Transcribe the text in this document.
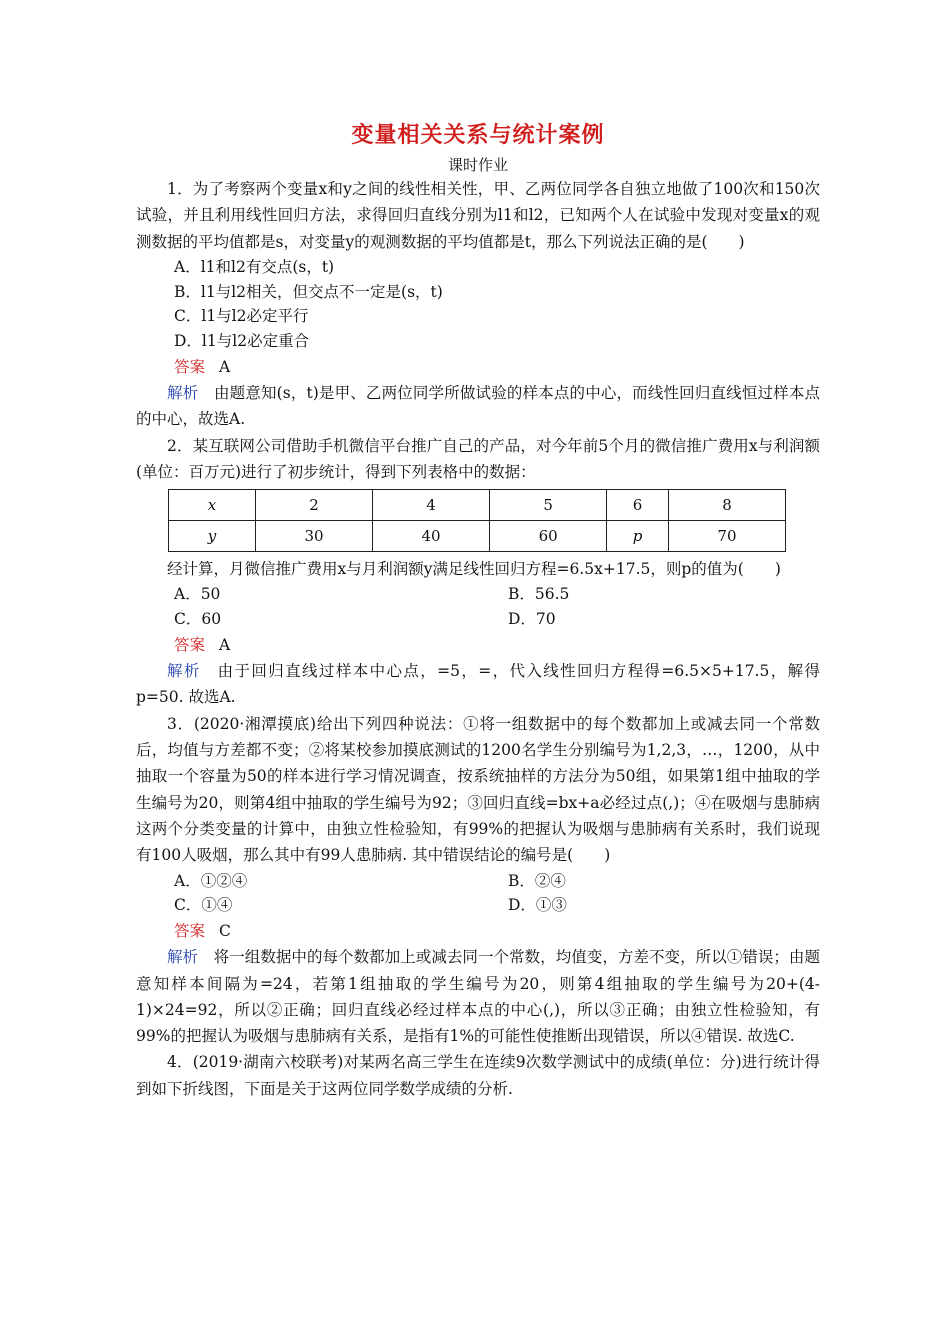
变量相关关系与统计案例
课时作业

1．为了考察两个变量x和y之间的线性相关性，甲、乙两位同学各自独立地做了100次和150次试验，并且利用线性回归方法，求得回归直线分别为l1和l2，已知两个人在试验中发现对变量x的观测数据的平均值都是s，对变量y的观测数据的平均值都是t，那么下列说法正确的是(　　)

A．l1和l2有交点(s，t)

B．l1与l2相关，但交点不一定是(s，t)

C．l1与l2必定平行

D．l1与l2必定重合

答案 A

解析　 由题意知(s，t)是甲、乙两位同学所做试验的样本点的中心，而线性回归直线恒过样本点的中心，故选A.

2．某互联网公司借助手机微信平台推广自己的产品，对今年前5个月的微信推广费用x与利润额(单位：百万元)进行了初步统计，得到下列表格中的数据：

x	2	4	5	6	8
y	30	40	60	p	70

经计算，月微信推广费用x与月利润额y满足线性回归方程=6.5x+17.5，则p的值为(　　)

A．50	B．56.5
C．60	D．70

答案 A

解析　 由于回归直线过样本中心点，=5，=，代入线性回归方程得=6.5×5+17.5，解得p=50. 故选A.

3．(2020·湘潭摸底)给出下列四种说法：①将一组数据中的每个数都加上或减去同一个常数后，均值与方差都不变；②将某校参加摸底测试的1200名学生分别编号为1,2,3，…，1200，从中抽取一个容量为50的样本进行学习情况调查，按系统抽样的方法分为50组，如果第1组中抽取的学生编号为20，则第4组中抽取的学生编号为92；③回归直线=bx+a必经过点(,)；④在吸烟与患肺病这两个分类变量的计算中，由独立性检验知，有99%的把握认为吸烟与患肺病有关系时，我们说现有100人吸烟，那么其中有99人患肺病. 其中错误结论的编号是(　　)

A．①②④	B．②④
C．①④	D．①③

答案 C

解析　 将一组数据中的每个数都加上或减去同一个常数，均值变，方差不变，所以①错误；由题意知样本间隔为=24，若第1组抽取的学生编号为20，则第4组抽取的学生编号为20+(4-1)×24=92，所以②正确；回归直线必经过样本点的中心(,)，所以③正确；由独立性检验知，有99%的把握认为吸烟与患肺病有关系，是指有1%的可能性使推断出现错误，所以④错误. 故选C.

4．(2019·湖南六校联考)对某两名高三学生在连续9次数学测试中的成绩(单位：分)进行统计得到如下折线图，下面是关于这两位同学数学成绩的分析.
